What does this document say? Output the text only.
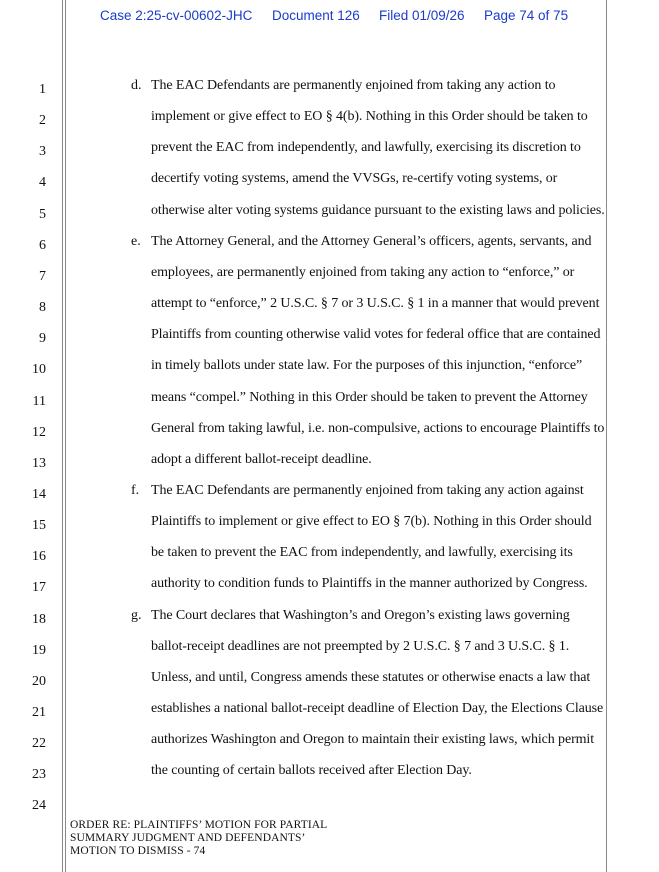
Case 2:25-cv-00602-JHC Document 126 Filed 01/09/26 Page 74 of 75
1
2
3
4
5
6
7
8
9
10
11
12
13
14
15
16
17
18
19
20
21
22
23
24
d. The EAC Defendants are permanently enjoined from taking any action to
implement or give effect to EO § 4(b). Nothing in this Order should be taken to
prevent the EAC from independently, and lawfully, exercising its discretion to
decertify voting systems, amend the VVSGs, re-certify voting systems, or
otherwise alter voting systems guidance pursuant to the existing laws and policies.
e. The Attorney General, and the Attorney General’s officers, agents, servants, and
employees, are permanently enjoined from taking any action to “enforce,” or
attempt to “enforce,” 2 U.S.C. § 7 or 3 U.S.C. § 1 in a manner that would prevent
Plaintiffs from counting otherwise valid votes for federal office that are contained
in timely ballots under state law. For the purposes of this injunction, “enforce”
means “compel.” Nothing in this Order should be taken to prevent the Attorney
General from taking lawful, i.e. non-compulsive, actions to encourage Plaintiffs to
adopt a different ballot-receipt deadline.
f. The EAC Defendants are permanently enjoined from taking any action against
Plaintiffs to implement or give effect to EO § 7(b). Nothing in this Order should
be taken to prevent the EAC from independently, and lawfully, exercising its
authority to condition funds to Plaintiffs in the manner authorized by Congress.
g. The Court declares that Washington’s and Oregon’s existing laws governing
ballot-receipt deadlines are not preempted by 2 U.S.C. § 7 and 3 U.S.C. § 1.
Unless, and until, Congress amends these statutes or otherwise enacts a law that
establishes a national ballot-receipt deadline of Election Day, the Elections Clause
authorizes Washington and Oregon to maintain their existing laws, which permit
the counting of certain ballots received after Election Day.
ORDER RE: PLAINTIFFS’ MOTION FOR PARTIAL
SUMMARY JUDGMENT AND DEFENDANTS’
MOTION TO DISMISS - 74
